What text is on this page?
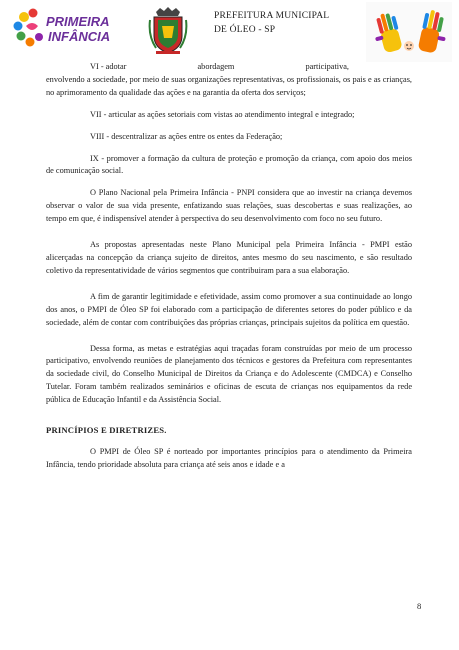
PRIMEIRA
INFÂNCIA
PREFEITURA MUNICIPAL
DE ÓLEO - SP
VI - adotar	abordagem	participativa,

envolvendo a sociedade, por meio de suas organizações representativas, os profissionais, os pais e as crianças, no aprimoramento da qualidade das ações e na garantia da oferta dos serviços;

VII - articular as ações setoriais com vistas ao atendimento integral e integrado;

VIII - descentralizar as ações entre os entes da Federação;

IX - promover a formação da cultura de proteção e promoção da criança, com apoio dos meios de comunicação social.

O Plano Nacional pela Primeira Infância - PNPI considera que ao investir na criança devemos observar o valor de sua vida presente, enfatizando suas relações, suas descobertas e suas realizações, ao tempo em que, é indispensível atender à perspectiva do seu desenvolvimento com foco no seu futuro.

As propostas apresentadas neste Plano Municipal pela Primeira Infância - PMPI estão alicerçadas na concepção da criança sujeito de direitos, antes mesmo do seu nascimento, e são resultado coletivo da representatividade de vários segmentos que contribuiram para a sua elaboração.

A fim de garantir legitimidade e efetividade, assim como promover a sua continuidade ao longo dos anos, o PMPI de Óleo SP foi elaborado com a participação de diferentes setores do poder público e da sociedade, além de contar com contribuições das próprias crianças, principais sujeitos da política em questão.

Dessa forma, as metas e estratégias aqui traçadas foram construídas por meio de um processo participativo, envolvendo reuniões de planejamento dos técnicos e gestores da Prefeitura com representantes da sociedade civil, do Conselho Municipal de Direitos da Criança e do Adolescente (CMDCA) e Conselho Tutelar. Foram também realizados seminários e oficinas de escuta de crianças nos equipamentos da rede pública de Educação Infantil e da Assistência Social.

PRINCÍPIOS E DIRETRIZES.

O PMPI de Óleo SP é norteado por importantes princípios para o atendimento da Primeira Infância, tendo prioridade absoluta para criança até seis anos e idade e a

8
